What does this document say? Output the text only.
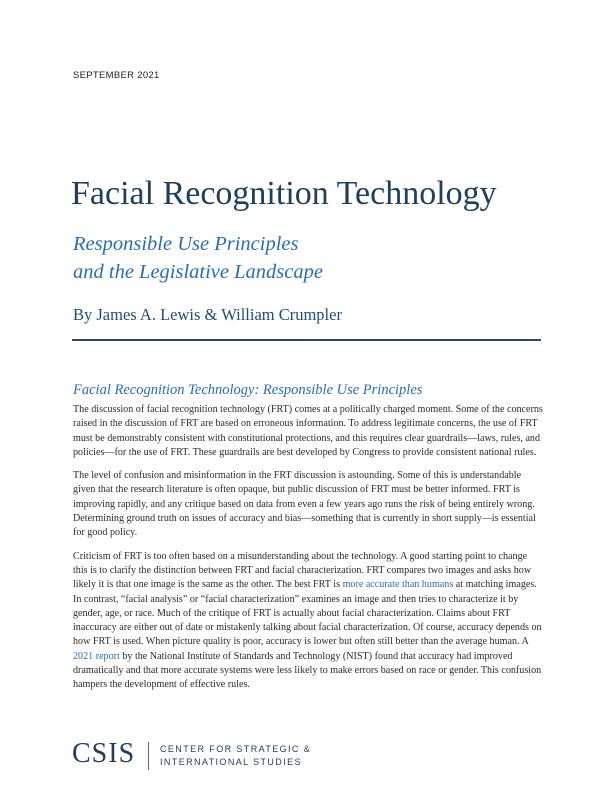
SEPTEMBER 2021
Facial Recognition Technology
Responsible Use Principles
and the Legislative Landscape
By James A. Lewis & William Crumpler
Facial Recognition Technology: Responsible Use Principles

The discussion of facial recognition technology (FRT) comes at a politically charged moment. Some of the concerns raised in the discussion of FRT are based on erroneous information. To address legitimate concerns, the use of FRT must be demonstrably consistent with constitutional protections, and this requires clear guardrails—laws, rules, and policies—for the use of FRT. These guardrails are best developed by Congress to provide consistent national rules.

The level of confusion and misinformation in the FRT discussion is astounding. Some of this is understandable given that the research literature is often opaque, but public discussion of FRT must be better informed. FRT is improving rapidly, and any critique based on data from even a few years ago runs the risk of being entirely wrong. Determining ground truth on issues of accuracy and bias—something that is currently in short supply—is essential for good policy.

Criticism of FRT is too often based on a misunderstanding about the technology. A good starting point to change this is to clarify the distinction between FRT and facial characterization. FRT compares two images and asks how likely it is that one image is the same as the other. The best FRT is more accurate than humans at matching images. In contrast, “facial analysis” or “facial characterization” examines an image and then tries to characterize it by gender, age, or race. Much of the critique of FRT is actually about facial characterization. Claims about FRT inaccuracy are either out of date or mistakenly talking about facial characterization. Of course, accuracy depends on how FRT is used. When picture quality is poor, accuracy is lower but often still better than the average human. A 2021 report by the National Institute of Standards and Technology (NIST) found that accuracy had improved dramatically and that more accurate systems were less likely to make errors based on race or gender. This confusion hampers the development of effective rules.

CSIS	CENTER FOR STRATEGIC &
INTERNATIONAL STUDIES
